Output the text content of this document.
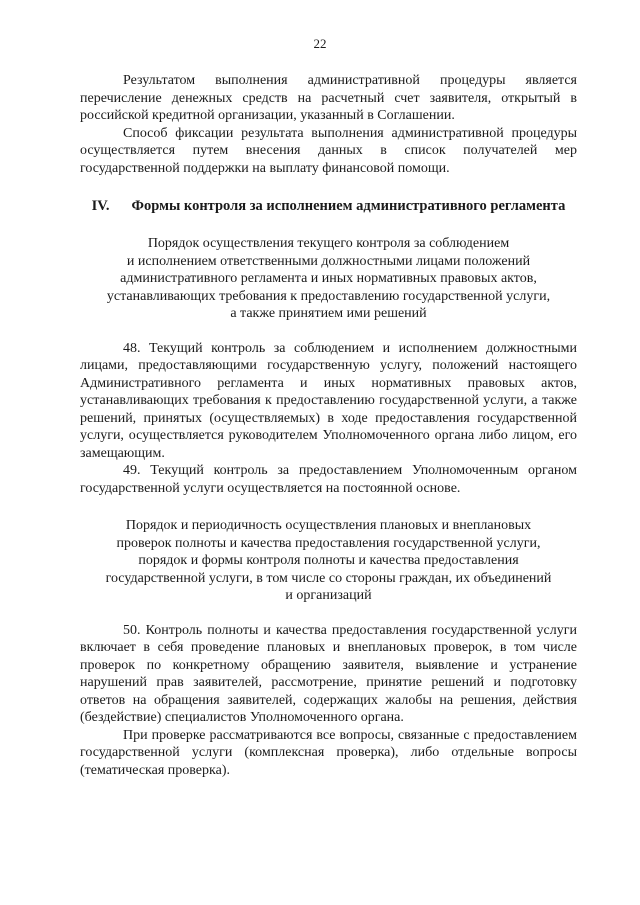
22

Результатом выполнения административной процедуры является перечисление денежных средств на расчетный счет заявителя, открытый в российской кредитной организации, указанный в Соглашении.

Способ фиксации результата выполнения административной процедуры осуществляется путем внесения данных в список получателей мер государственной поддержки на выплату финансовой помощи.

IV. Формы контроля за исполнением административного регламента
Порядок осуществления текущего контроля за соблюдением
и исполнением ответственными должностными лицами положений
административного регламента и иных нормативных правовых актов,
устанавливающих требования к предоставлению государственной услуги,
а также принятием ими решений

48. Текущий контроль за соблюдением и исполнением должностными лицами, предоставляющими государственную услугу, положений настоящего Административного регламента и иных нормативных правовых актов, устанавливающих требования к предоставлению государственной услуги, а также решений, принятых (осуществляемых) в ходе предоставления государственной услуги, осуществляется руководителем Уполномоченного органа либо лицом, его замещающим.

49. Текущий контроль за предоставлением Уполномоченным органом государственной услуги осуществляется на постоянной основе.

Порядок и периодичность осуществления плановых и внеплановых
проверок полноты и качества предоставления государственной услуги,
порядок и формы контроля полноты и качества предоставления
государственной услуги, в том числе со стороны граждан, их объединений
и организаций

50. Контроль полноты и качества предоставления государственной услуги включает в себя проведение плановых и внеплановых проверок, в том числе проверок по конкретному обращению заявителя, выявление и устранение нарушений прав заявителей, рассмотрение, принятие решений и подготовку ответов на обращения заявителей, содержащих жалобы на решения, действия (бездействие) специалистов Уполномоченного органа.

При проверке рассматриваются все вопросы, связанные с предоставлением государственной услуги (комплексная проверка), либо отдельные вопросы (тематическая проверка).
